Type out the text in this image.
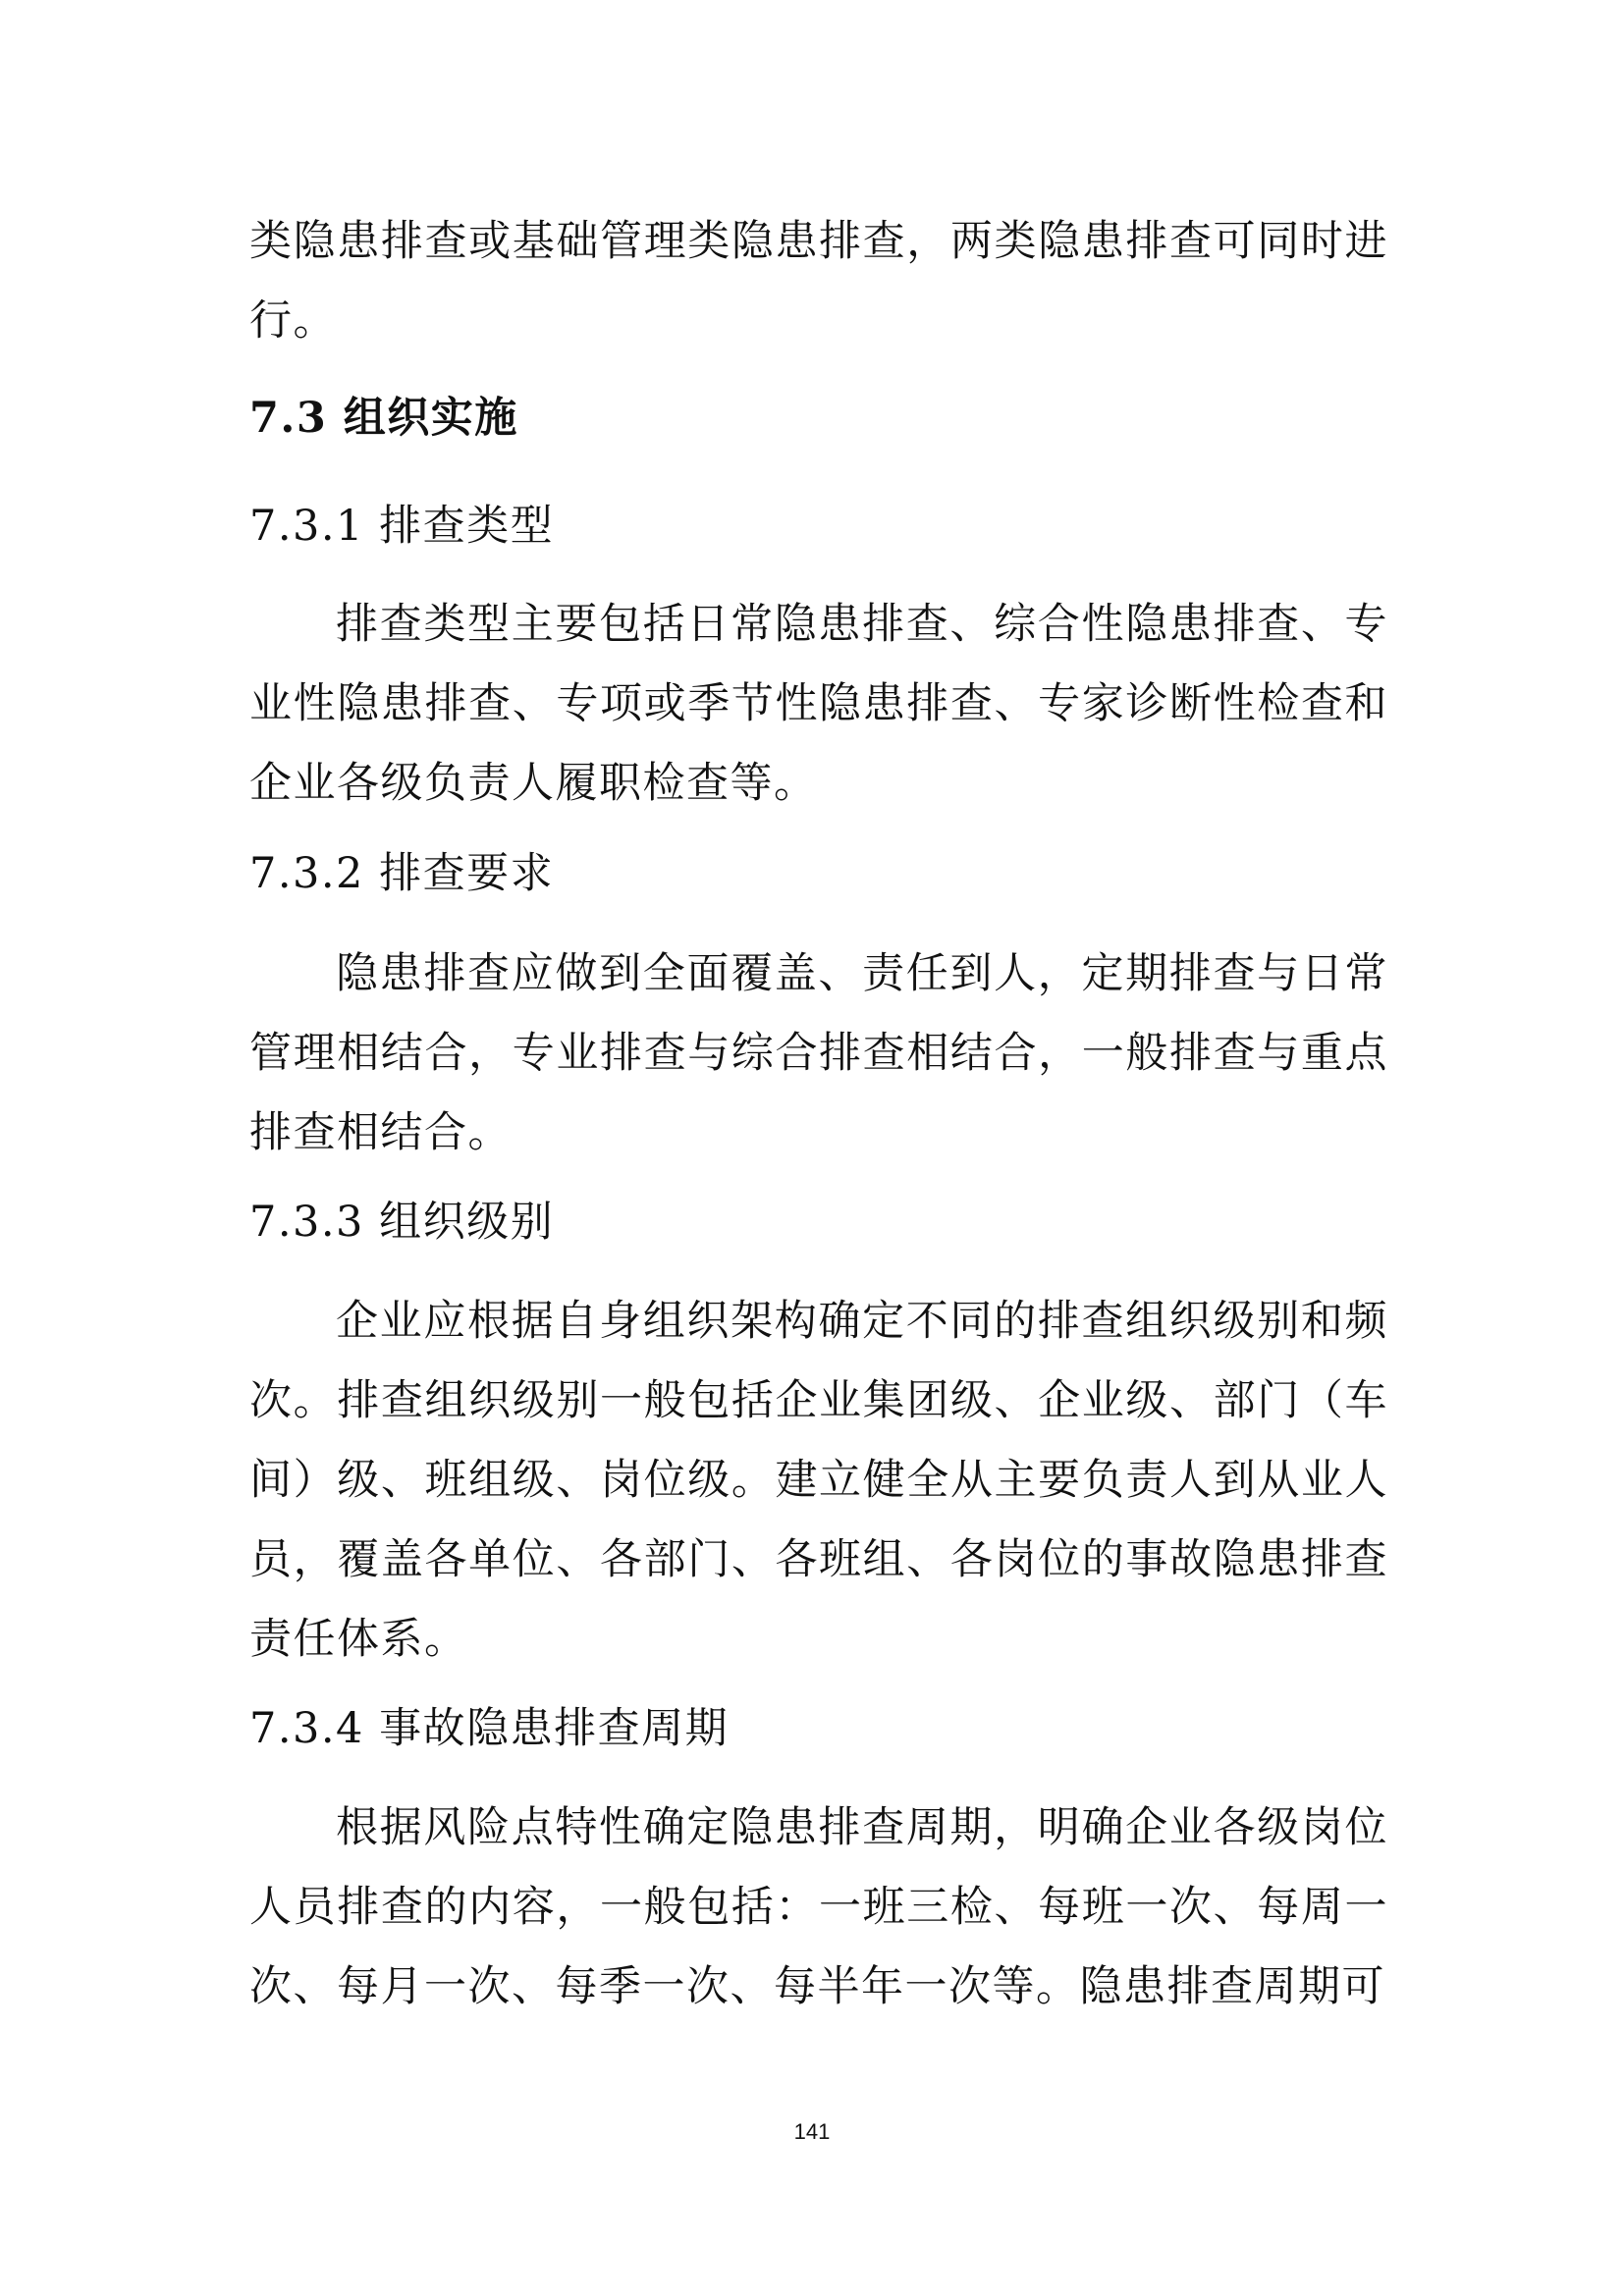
类隐患排查或基础管理类隐患排查，两类隐患排查可同时进行。

7.3 组织实施
7.3.1 排查类型

排查类型主要包括日常隐患排查、综合性隐患排查、专业性隐患排查、专项或季节性隐患排查、专家诊断性检查和企业各级负责人履职检查等。

7.3.2 排查要求

隐患排查应做到全面覆盖、责任到人，定期排查与日常管理相结合，专业排查与综合排查相结合，一般排查与重点排查相结合。

7.3.3 组织级别

企业应根据自身组织架构确定不同的排查组织级别和频次。排查组织级别一般包括企业集团级、企业级、部门（车间）级、班组级、岗位级。建立健全从主要负责人到从业人员，覆盖各单位、各部门、各班组、各岗位的事故隐患排查责任体系。

7.3.4 事故隐患排查周期

根据风险点特性确定隐患排查周期，明确企业各级岗位人员排查的内容，一般包括：一班三检、每班一次、每周一次、每月一次、每季一次、每半年一次等。隐患排查周期可

141
